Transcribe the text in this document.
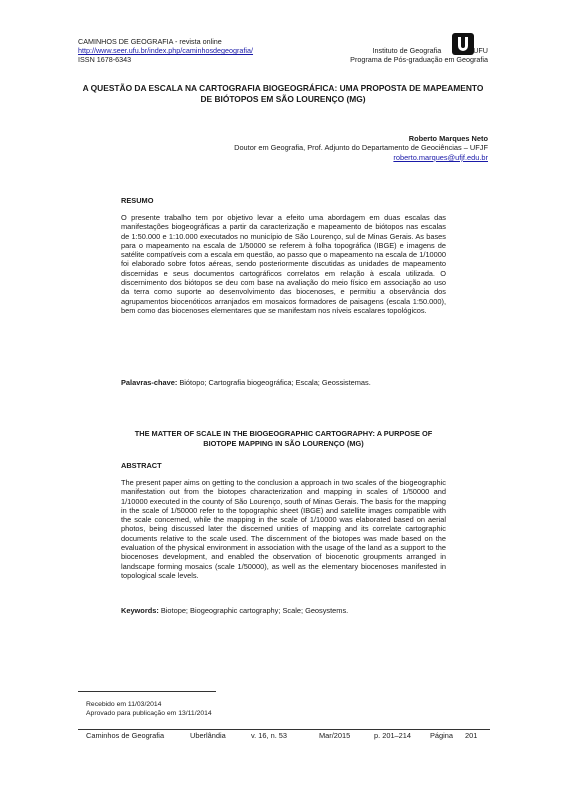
CAMINHOS DE GEOGRAFIA - revista online
http://www.seer.ufu.br/index.php/caminhosdegeografia/
ISSN 1678-6343
Instituto de Geografia	UFU
Programa de Pós-graduação em Geografia
A QUESTÃO DA ESCALA NA CARTOGRAFIA BIOGEOGRÁFICA: UMA PROPOSTA DE MAPEAMENTO DE BIÓTOPOS EM SÃO LOURENÇO (MG)
Roberto Marques Neto
Doutor em Geografia, Prof. Adjunto do Departamento de Geociências – UFJF
roberto.marques@ufjf.edu.br
RESUMO
O presente trabalho tem por objetivo levar a efeito uma abordagem em duas escalas das manifestações biogeográficas a partir da caracterização e mapeamento de biótopos nas escalas de 1:50.000 e 1:10.000 executados no município de São Lourenço, sul de Minas Gerais. As bases para o mapeamento na escala de 1/50000 se referem à folha topográfica (IBGE) e imagens de satélite compatíveis com a escala em questão, ao passo que o mapeamento na escala de 1/10000 foi elaborado sobre fotos aéreas, sendo posteriormente discutidas as unidades de mapeamento discernidas e seus documentos cartográficos correlatos em relação à escala utilizada. O discernimento dos biótopos se deu com base na avaliação do meio físico em associação ao uso da terra como suporte ao desenvolvimento das biocenoses, e permitiu a observância dos agrupamentos biocenóticos arranjados em mosaicos formadores de paisagens (escala 1:50.000), bem como das biocenoses elementares que se manifestam nos níveis escalares topológicos.
Palavras-chave: Biótopo; Cartografia biogeográfica; Escala; Geossistemas.
THE MATTER OF SCALE IN THE BIOGEOGRAPHIC CARTOGRAPHY: A PURPOSE OF BIOTOPE MAPPING IN SÃO LOURENÇO (MG)
ABSTRACT
The present paper aims on getting to the conclusion a approach in two scales of the biogeographic manifestation out from the biotopes characterization and mapping in scales of 1/50000 and 1/10000 executed in the county of São Lourenço, south of Minas Gerais. The basis for the mapping in the scale of 1/50000 refer to the topographic sheet (IBGE) and satellite images compatible with the scale concerned, while the mapping in the scale of 1/10000 was elaborated based on aerial photos, being discussed later the discerned unities of mapping and its correlate cartographic documents relative to the scale used. The discernment of the biotopes was made based on the evaluation of the physical environment in association with the usage of the land as a support to the biocenoses development, and enabled the observation of biocenotic groupments arranged in landscape forming mosaics (scale 1/50000), as well as the elementary biocenoses manifested in topological scale levels.
Keywords: Biotope; Biogeographic cartography; Scale; Geosystems.
Recebido em 11/03/2014
Aprovado para publicação em 13/11/2014
Caminhos de Geografia	Uberlândia	v. 16, n. 53	Mar/2015	p. 201–214	Página 201
